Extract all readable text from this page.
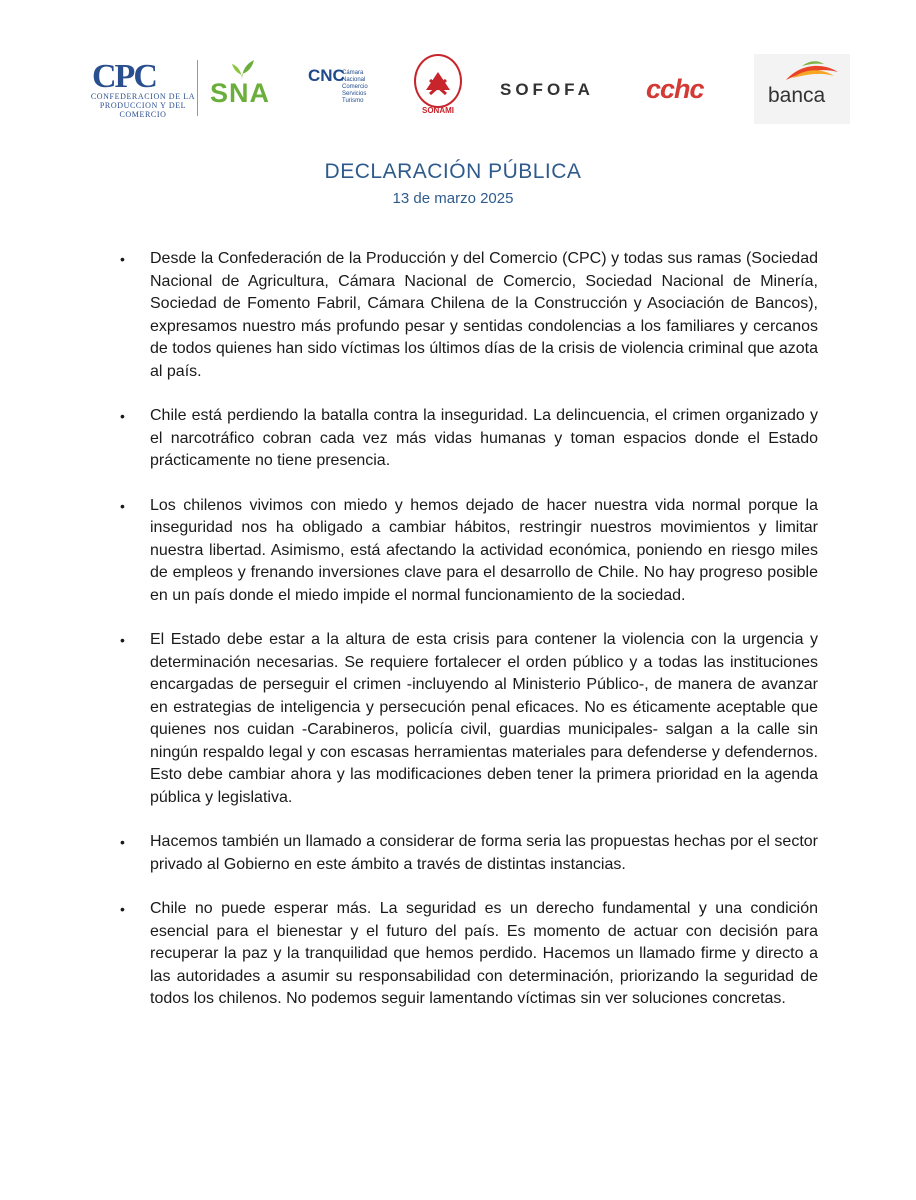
CPC
CONFEDERACION DE LA PRODUCCION Y DEL COMERCIO
SNA
CNC
Cámara Nacional Comercio Servicios Turismo
SONAMI
SOFOFA	cchc	banca
DECLARACIÓN PÚBLICA
13 de marzo 2025

• Desde la Confederación de la Producción y del Comercio (CPC) y todas sus ramas (Sociedad Nacional de Agricultura, Cámara Nacional de Comercio, Sociedad Nacional de Minería, Sociedad de Fomento Fabril, Cámara Chilena de la Construcción y Asociación de Bancos), expresamos nuestro más profundo pesar y sentidas condolencias a los familiares y cercanos de todos quienes han sido víctimas los últimos días de la crisis de violencia criminal que azota al país.

• Chile está perdiendo la batalla contra la inseguridad. La delincuencia, el crimen organizado y el narcotráfico cobran cada vez más vidas humanas y toman espacios donde el Estado prácticamente no tiene presencia.

• Los chilenos vivimos con miedo y hemos dejado de hacer nuestra vida normal porque la inseguridad nos ha obligado a cambiar hábitos, restringir nuestros movimientos y limitar nuestra libertad. Asimismo, está afectando la actividad económica, poniendo en riesgo miles de empleos y frenando inversiones clave para el desarrollo de Chile. No hay progreso posible en un país donde el miedo impide el normal funcionamiento de la sociedad.

• El Estado debe estar a la altura de esta crisis para contener la violencia con la urgencia y determinación necesarias. Se requiere fortalecer el orden público y a todas las instituciones encargadas de perseguir el crimen -incluyendo al Ministerio Público-, de manera de avanzar en estrategias de inteligencia y persecución penal eficaces. No es éticamente aceptable que quienes nos cuidan -Carabineros, policía civil, guardias municipales- salgan a la calle sin ningún respaldo legal y con escasas herramientas materiales para defenderse y defendernos. Esto debe cambiar ahora y las modificaciones deben tener la primera prioridad en la agenda pública y legislativa.

• Hacemos también un llamado a considerar de forma seria las propuestas hechas por el sector privado al Gobierno en este ámbito a través de distintas instancias.

• Chile no puede esperar más. La seguridad es un derecho fundamental y una condición esencial para el bienestar y el futuro del país. Es momento de actuar con decisión para recuperar la paz y la tranquilidad que hemos perdido. Hacemos un llamado firme y directo a las autoridades a asumir su responsabilidad con determinación, priorizando la seguridad de todos los chilenos. No podemos seguir lamentando víctimas sin ver soluciones concretas.
